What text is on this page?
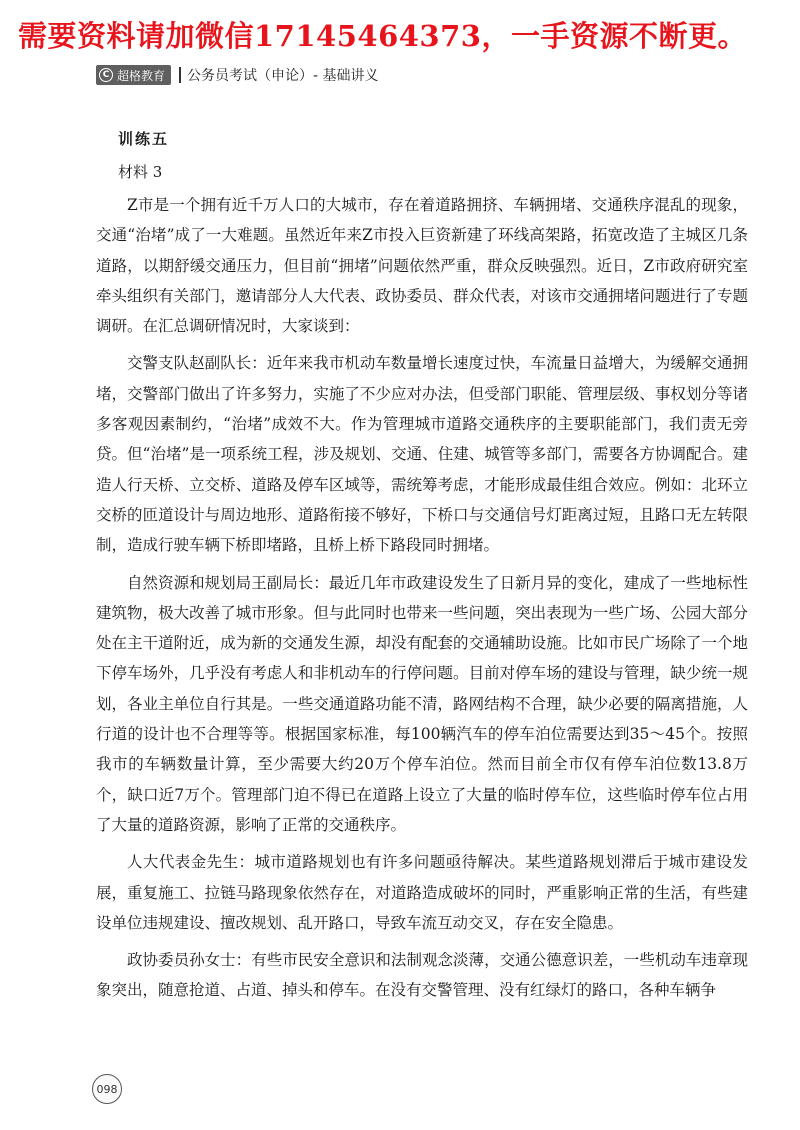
需要资料请加微信17145464373，一手资源不断更。
C 超格教育 公务员考试（申论）- 基础讲义
训练五
材料 3

Z市是一个拥有近千万人口的大城市，存在着道路拥挤、车辆拥堵、交通秩序混乱的现象，交通“治堵”成了一大难题。虽然近年来Z市投入巨资新建了环线高架路，拓宽改造了主城区几条道路，以期舒缓交通压力，但目前“拥堵”问题依然严重，群众反映强烈。近日，Z市政府研究室牵头组织有关部门，邀请部分人大代表、政协委员、群众代表，对该市交通拥堵问题进行了专题调研。在汇总调研情况时，大家谈到：

交警支队赵副队长：近年来我市机动车数量增长速度过快，车流量日益增大，为缓解交通拥堵，交警部门做出了许多努力，实施了不少应对办法，但受部门职能、管理层级、事权划分等诸多客观因素制约，“治堵”成效不大。作为管理城市道路交通秩序的主要职能部门，我们责无旁贷。但“治堵”是一项系统工程，涉及规划、交通、住建、城管等多部门，需要各方协调配合。建造人行天桥、立交桥、道路及停车区域等，需统筹考虑，才能形成最佳组合效应。例如：北环立交桥的匝道设计与周边地形、道路衔接不够好，下桥口与交通信号灯距离过短，且路口无左转限制，造成行驶车辆下桥即堵路，且桥上桥下路段同时拥堵。

自然资源和规划局王副局长：最近几年市政建设发生了日新月异的变化，建成了一些地标性建筑物，极大改善了城市形象。但与此同时也带来一些问题，突出表现为一些广场、公园大部分处在主干道附近，成为新的交通发生源，却没有配套的交通辅助设施。比如市民广场除了一个地下停车场外，几乎没有考虑人和非机动车的行停问题。目前对停车场的建设与管理，缺少统一规划，各业主单位自行其是。一些交通道路功能不清，路网结构不合理，缺少必要的隔离措施，人行道的设计也不合理等等。根据国家标准，每100辆汽车的停车泊位需要达到35～45个。按照我市的车辆数量计算，至少需要大约20万个停车泊位。然而目前全市仅有停车泊位数13.8万个，缺口近7万个。管理部门迫不得已在道路上设立了大量的临时停车位，这些临时停车位占用了大量的道路资源，影响了正常的交通秩序。

人大代表金先生：城市道路规划也有许多问题亟待解决。某些道路规划滞后于城市建设发展，重复施工、拉链马路现象依然存在，对道路造成破坏的同时，严重影响正常的生活，有些建设单位违规建设、擅改规划、乱开路口，导致车流互动交叉，存在安全隐患。

政协委员孙女士：有些市民安全意识和法制观念淡薄，交通公德意识差，一些机动车违章现象突出，随意抢道、占道、掉头和停车。在没有交警管理、没有红绿灯的路口，各种车辆争

098
